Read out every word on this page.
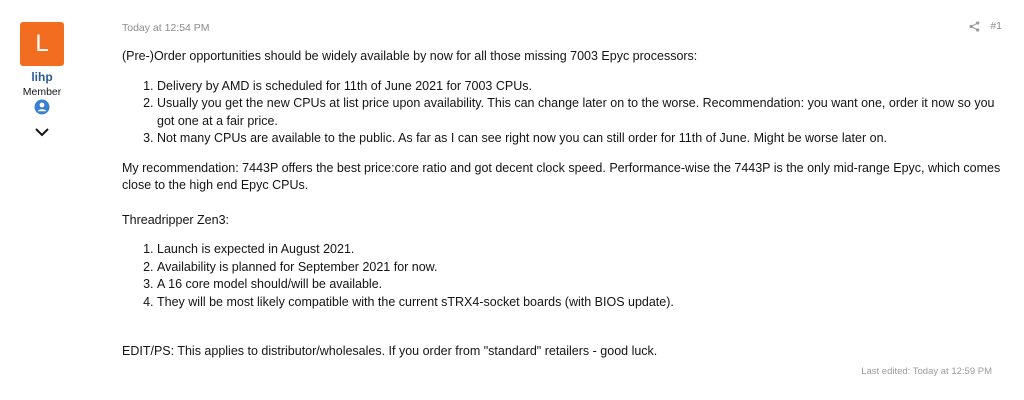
L
lihp
Member
Today at 12:54 PM	#1

(Pre-)Order opportunities should be widely available by now for all those missing 7003 Epyc processors:

1. Delivery by AMD is scheduled for 11th of June 2021 for 7003 CPUs.
2. Usually you get the new CPUs at list price upon availability. This can change later on to the worse. Recommendation: you want one, order it now so you got one at a fair price.
3. Not many CPUs are available to the public. As far as I can see right now you can still order for 11th of June. Might be worse later on.

My recommendation: 7443P offers the best price:core ratio and got decent clock speed. Performance-wise the 7443P is the only mid-range Epyc, which comes close to the high end Epyc CPUs.

Threadripper Zen3:

1. Launch is expected in August 2021.
2. Availability is planned for September 2021 for now.
3. A 16 core model should/will be available.
4. They will be most likely compatible with the current sTRX4-socket boards (with BIOS update).

EDIT/PS: This applies to distributor/wholesales. If you order from "standard" retailers - good luck.

Last edited: Today at 12:59 PM
